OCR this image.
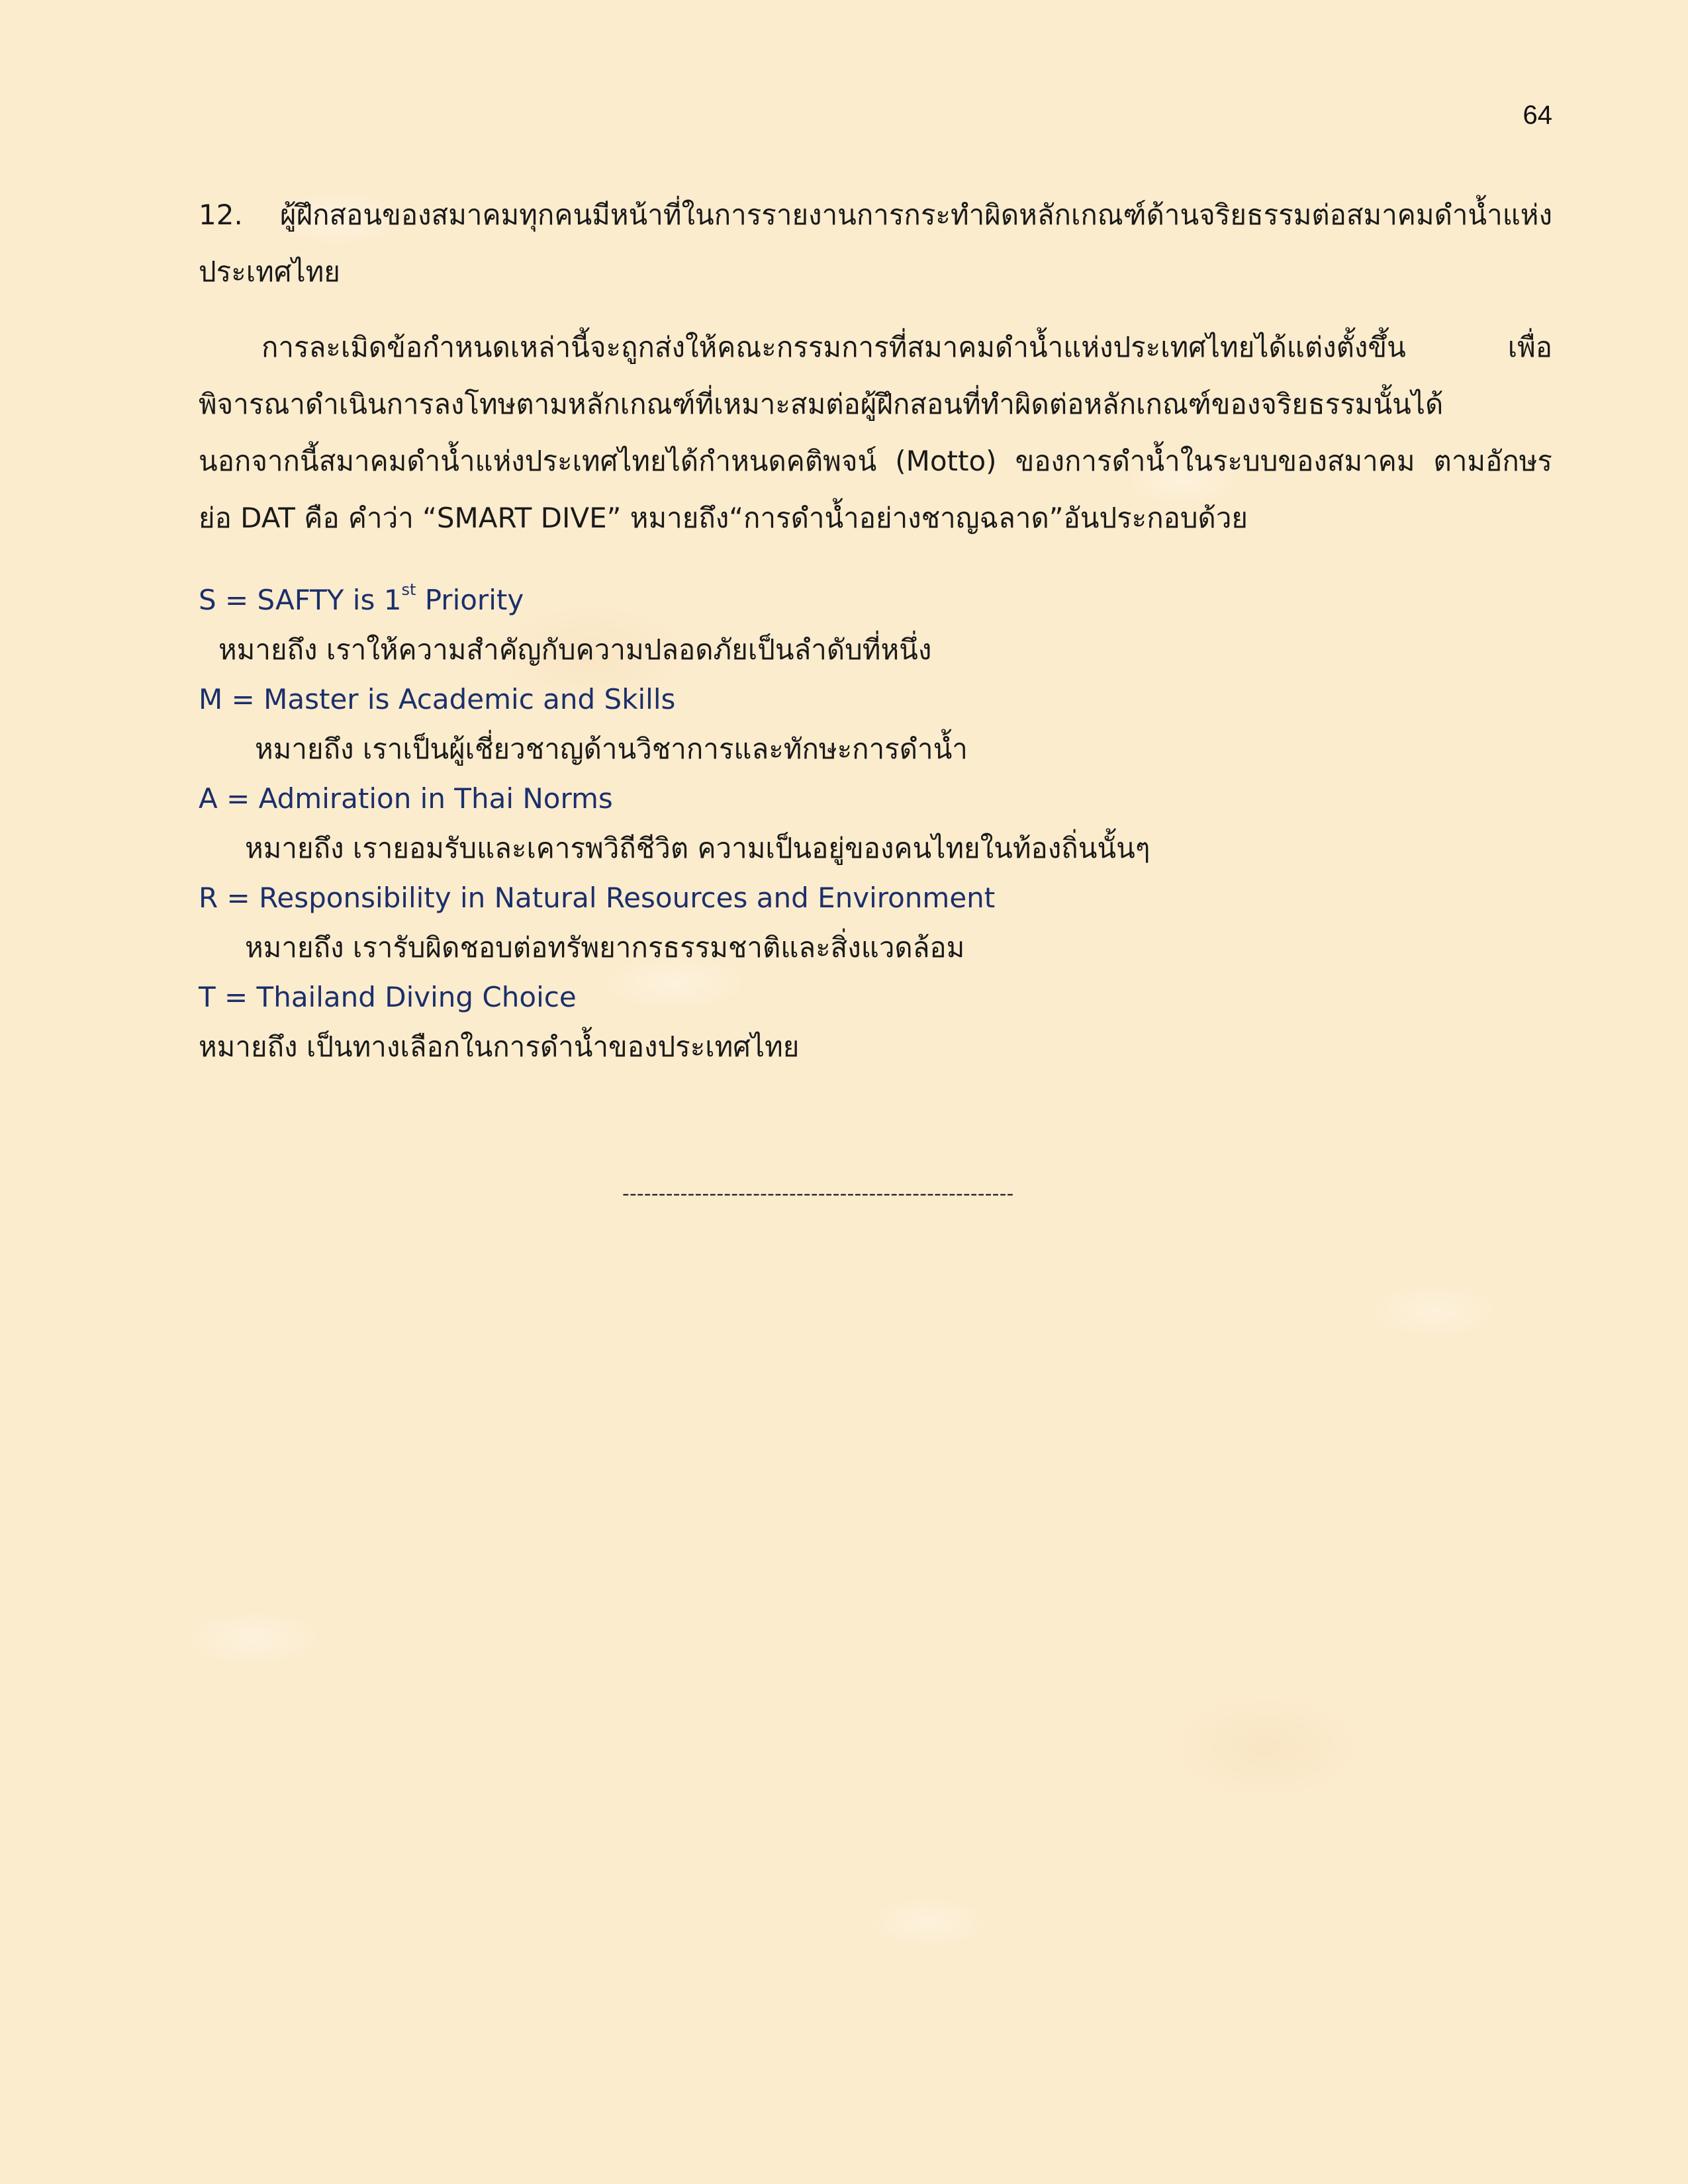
64

12. ผู้ฝึกสอนของสมาคมทุกคนมีหน้าที่ในการรายงานการกระทำผิดหลักเกณฑ์ด้านจริยธรรมต่อสมาคมดำน้ำแห่งประเทศไทย

การละเมิดข้อกำหนดเหล่านี้จะถูกส่งให้คณะกรรมการที่สมาคมดำน้ำแห่งประเทศไทยได้แต่งตั้งขึ้น เพื่อพิจารณาดำเนินการลงโทษตามหลักเกณฑ์ที่เหมาะสมต่อผู้ฝึกสอนที่ทำผิดต่อหลักเกณฑ์ของจริยธรรมนั้นได้ นอกจากนี้สมาคมดำน้ำแห่งประเทศไทยได้กำหนดคติพจน์ (Motto) ของการดำน้ำในระบบของสมาคม ตามอักษรย่อ DAT คือ คำว่า “SMART DIVE” หมายถึง“การดำน้ำอย่างชาญฉลาด”อันประกอบด้วย

S = SAFTY is 1st Priority
หมายถึง เราให้ความสำคัญกับความปลอดภัยเป็นลำดับที่หนึ่ง
M = Master is Academic and Skills
หมายถึง เราเป็นผู้เชี่ยวชาญด้านวิชาการและทักษะการดำน้ำ
A = Admiration in Thai Norms
หมายถึง เรายอมรับและเคารพวิถีชีวิต ความเป็นอยู่ของคนไทยในท้องถิ่นนั้นๆ
R = Responsibility in Natural Resources and Environment
หมายถึง เรารับผิดชอบต่อทรัพยากรธรรมชาติและสิ่งแวดล้อม
T = Thailand Diving Choice
หมายถึง เป็นทางเลือกในการดำน้ำของประเทศไทย
------------------------------------------------------
